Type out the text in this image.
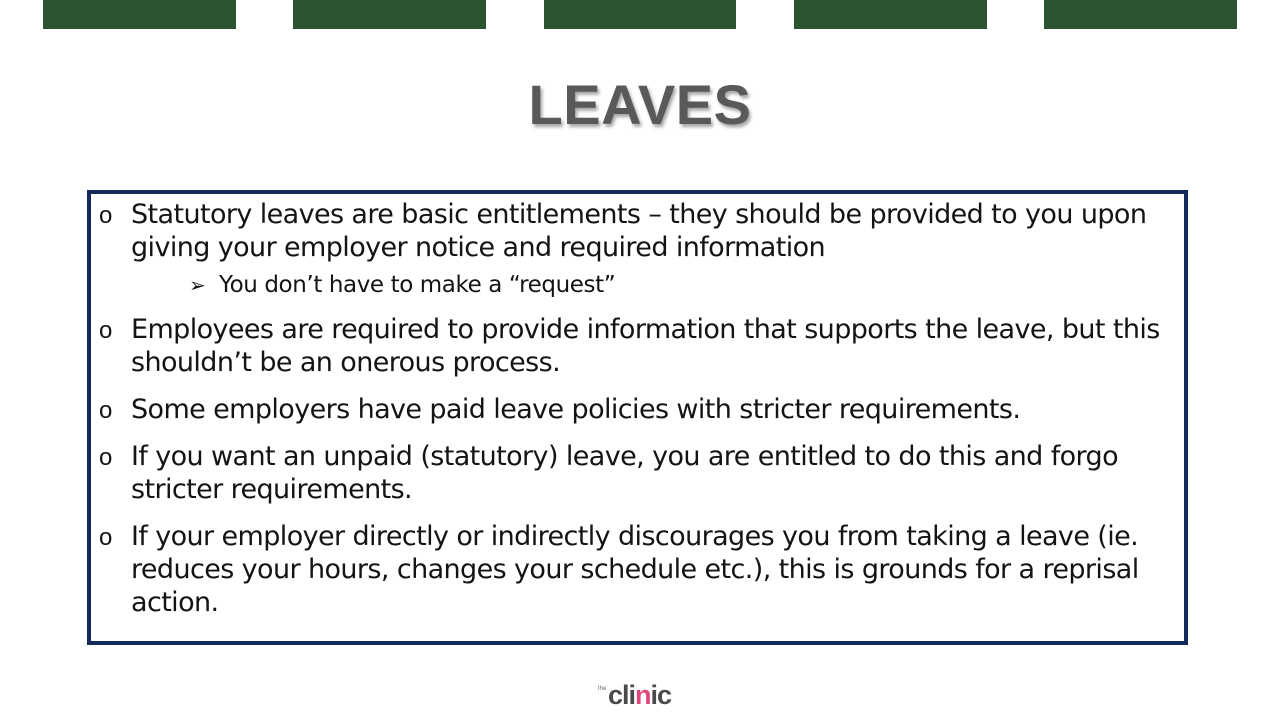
LEAVES
o Statutory leaves are basic entitlements – they should be provided to you upon giving your employer notice and required information
➢ You don’t have to make a “request”
o Employees are required to provide information that supports the leave, but this shouldn’t be an onerous process.
o Some employers have paid leave policies with stricter requirements.
o If you want an unpaid (statutory) leave, you are entitled to do this and forgo stricter requirements.
o If your employer directly or indirectly discourages you from taking a leave (ie. reduces your hours, changes your schedule etc.), this is grounds for a reprisal action.
the clinic
